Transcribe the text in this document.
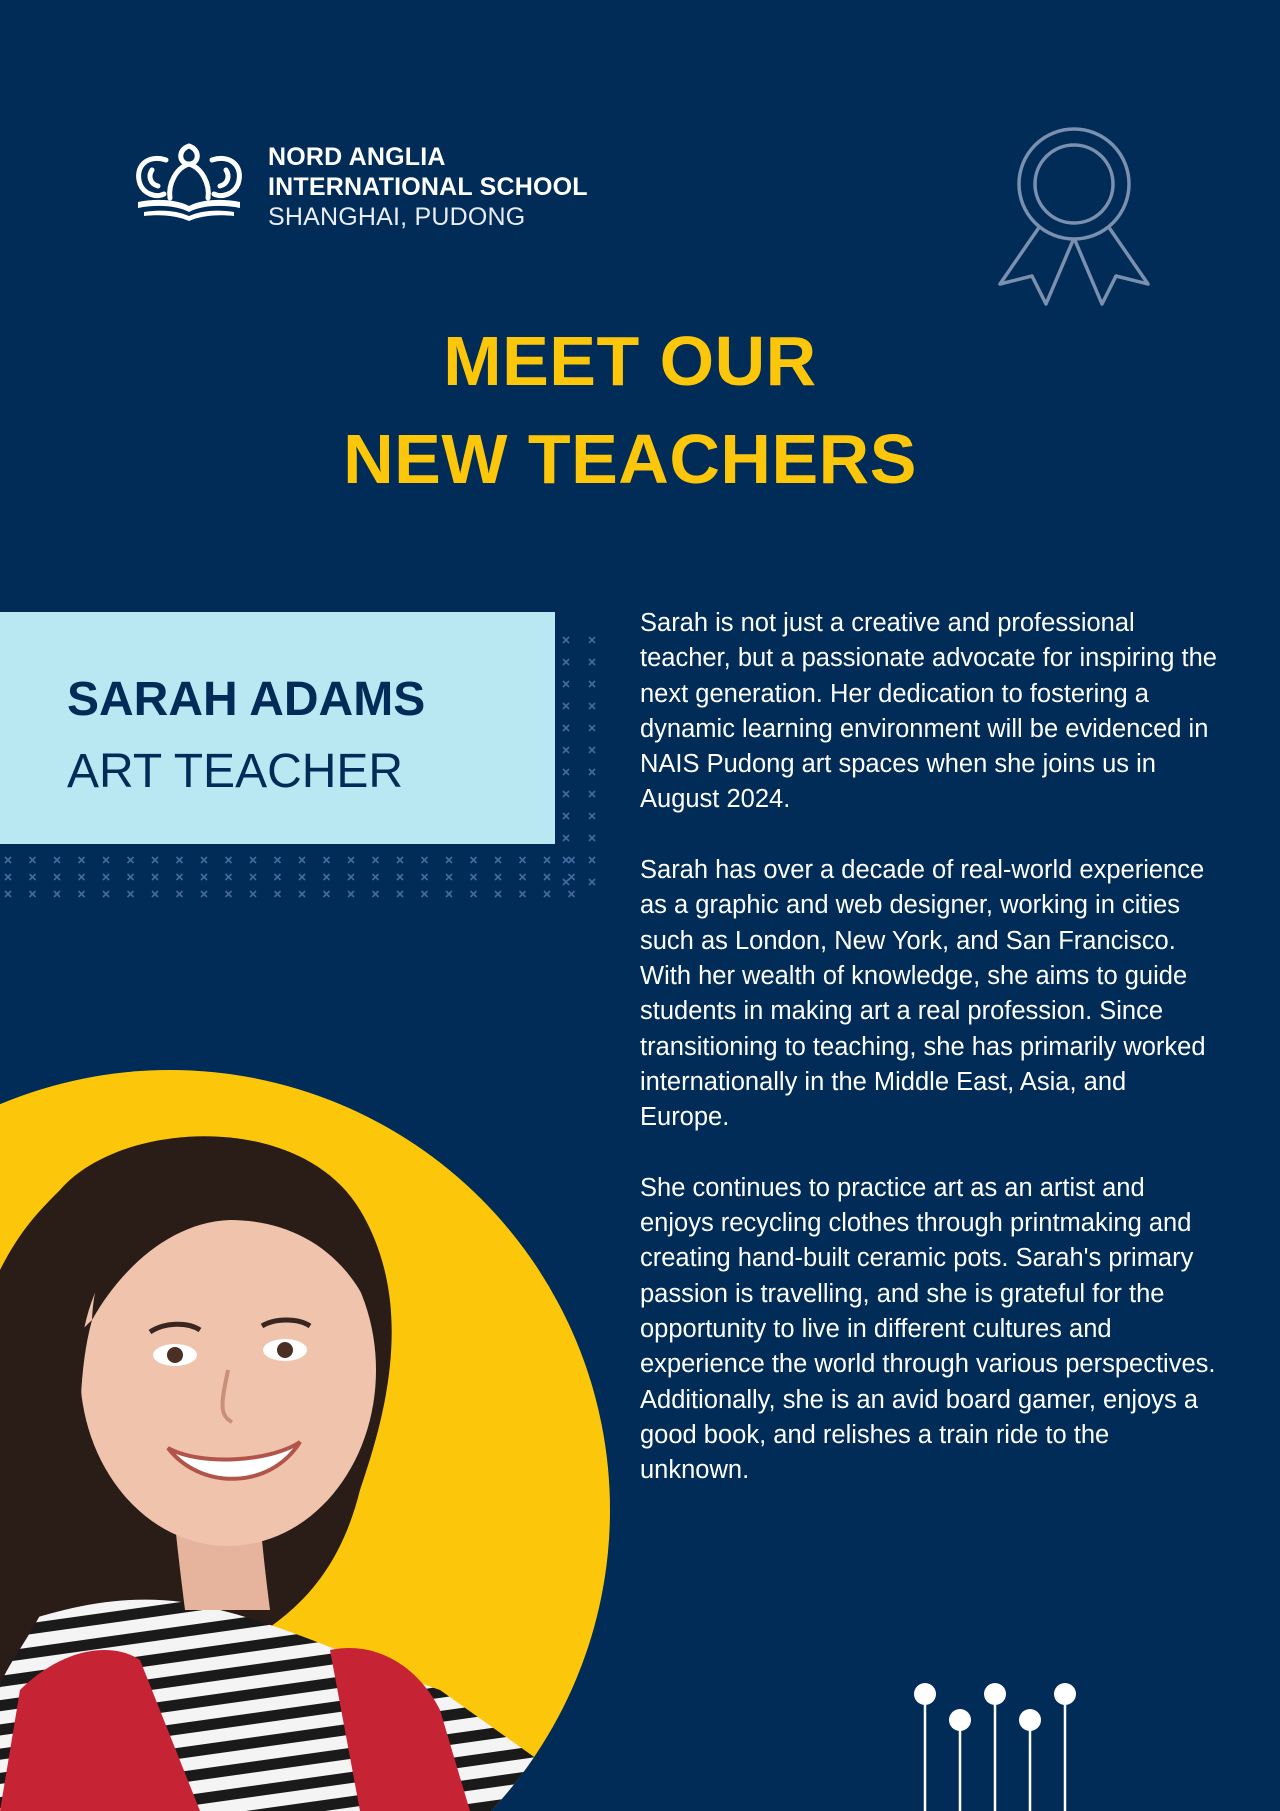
NORD ANGLIA
INTERNATIONAL SCHOOL
SHANGHAI, PUDONG
MEET OUR
NEW TEACHERS
SARAH ADAMS
ART TEACHER

Sarah is not just a creative and professional teacher, but a passionate advocate for inspiring the next generation. Her dedication to fostering a dynamic learning environment will be evidenced in NAIS Pudong art spaces when she joins us in August 2024.

Sarah has over a decade of real-world experience as a graphic and web designer, working in cities such as London, New York, and San Francisco. With her wealth of knowledge, she aims to guide students in making art a real profession. Since transitioning to teaching, she has primarily worked internationally in the Middle East, Asia, and Europe.

She continues to practice art as an artist and enjoys recycling clothes through printmaking and creating hand-built ceramic pots. Sarah's primary passion is travelling, and she is grateful for the opportunity to live in different cultures and experience the world through various perspectives. Additionally, she is an avid board gamer, enjoys a good book, and relishes a train ride to the unknown.
